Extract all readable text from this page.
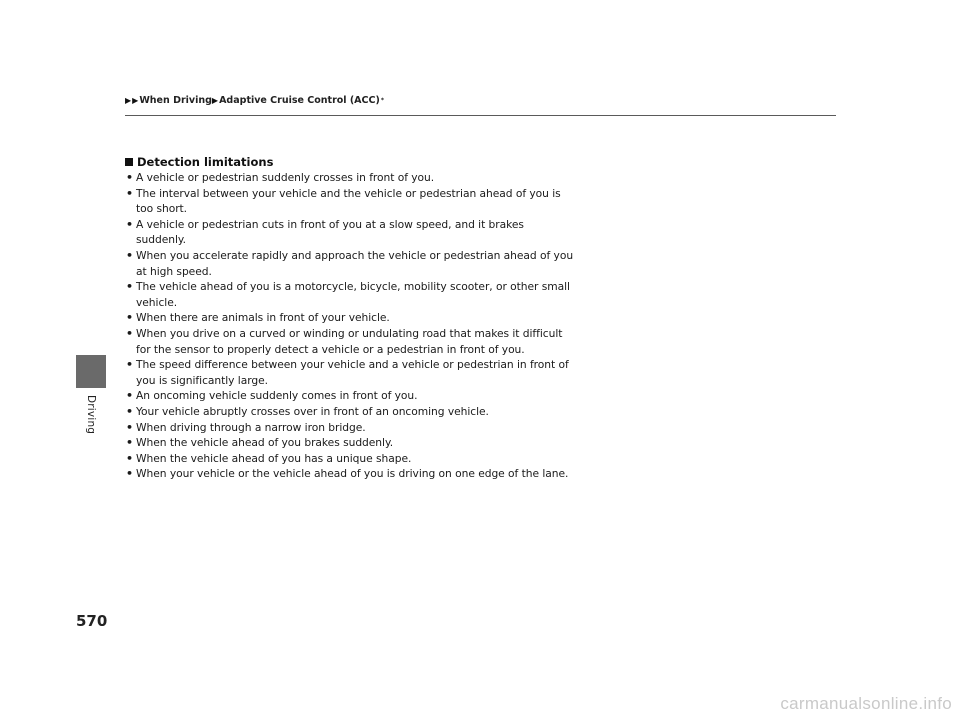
▶ ▶ When Driving ▶ Adaptive Cruise Control (ACC) *
Driving
Detection limitations
• A vehicle or pedestrian suddenly crosses in front of you.
• The interval between your vehicle and the vehicle or pedestrian ahead of you is too short.
• A vehicle or pedestrian cuts in front of you at a slow speed, and it brakes suddenly.
• When you accelerate rapidly and approach the vehicle or pedestrian ahead of you at high speed.
• The vehicle ahead of you is a motorcycle, bicycle, mobility scooter, or other small vehicle.
• When there are animals in front of your vehicle.
• When you drive on a curved or winding or undulating road that makes it difficult for the sensor to properly detect a vehicle or a pedestrian in front of you.
• The speed difference between your vehicle and a vehicle or pedestrian in front of you is significantly large.
• An oncoming vehicle suddenly comes in front of you.
• Your vehicle abruptly crosses over in front of an oncoming vehicle.
• When driving through a narrow iron bridge.
• When the vehicle ahead of you brakes suddenly.
• When the vehicle ahead of you has a unique shape.
• When your vehicle or the vehicle ahead of you is driving on one edge of the lane.
570
carmanualsonline.info
